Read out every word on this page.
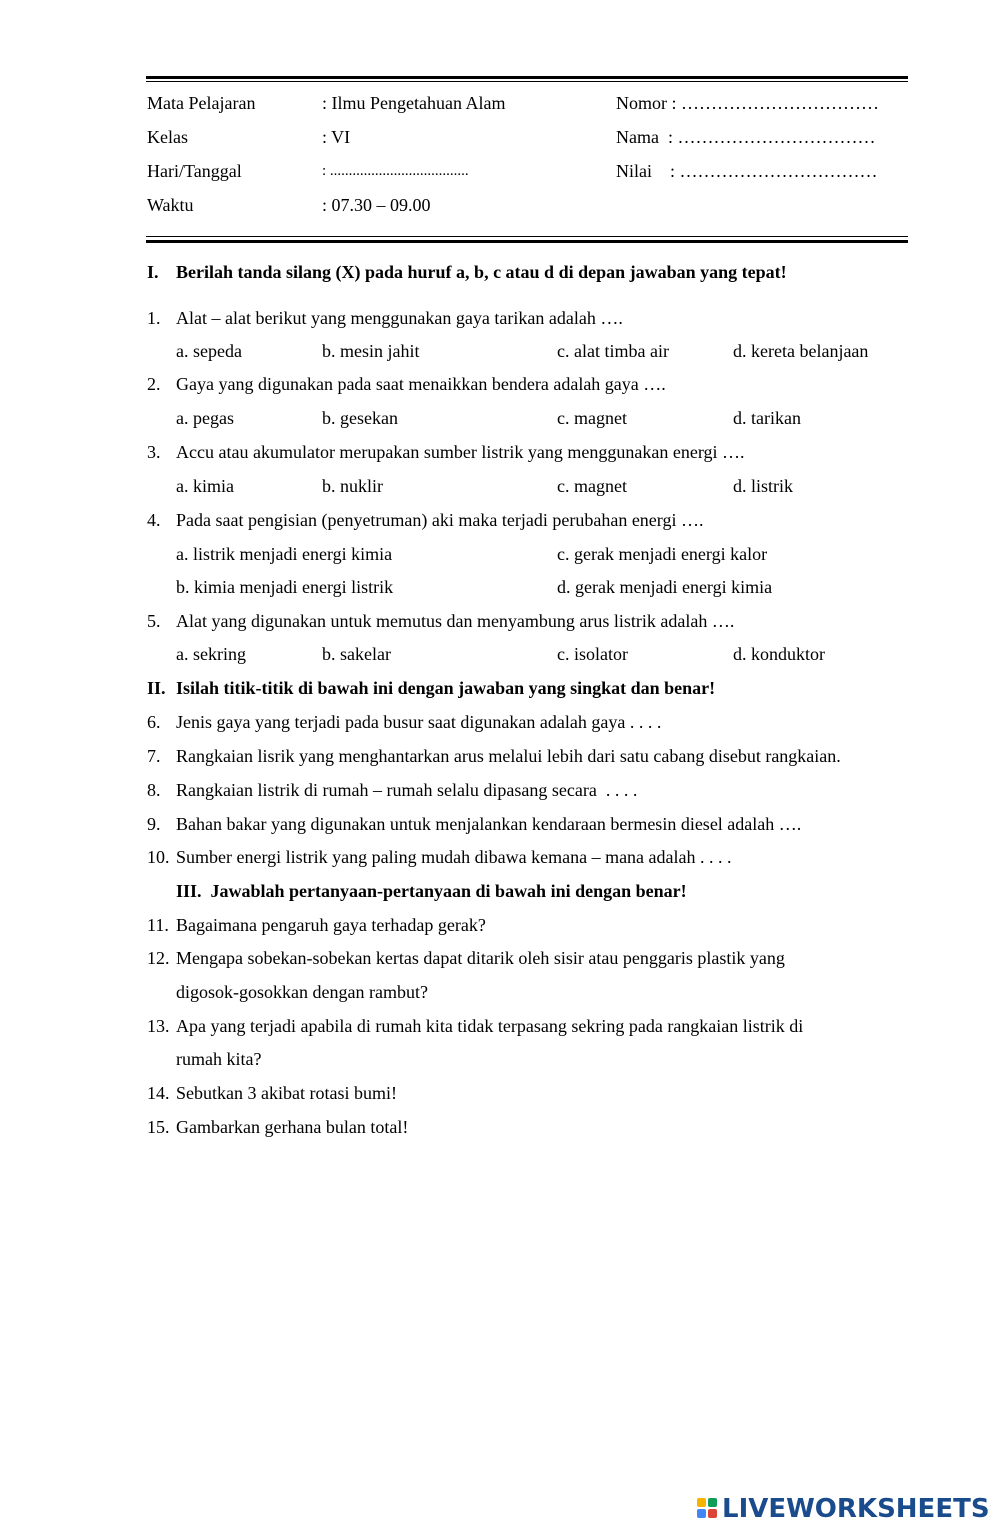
Mata Pelajaran	: Ilmu Pengetahuan Alam	Nomor : ……………………………
Kelas	: VI	Nama  : ……………………………
Hari/Tanggal	: .....................................	Nilai    : ……………………………
Waktu	: 07.30 – 09.00
I. Berilah tanda silang (X) pada huruf a, b, c atau d di depan jawaban yang tepat!
1. Alat – alat berikut yang menggunakan gaya tarikan adalah ….
a. sepeda	b. mesin jahit	c. alat timba air	d. kereta belanjaan
2. Gaya yang digunakan pada saat menaikkan bendera adalah gaya ….
a. pegas	b. gesekan	c. magnet	d. tarikan
3. Accu atau akumulator merupakan sumber listrik yang menggunakan energi ….
a. kimia	b. nuklir	c. magnet	d. listrik
4. Pada saat pengisian (penyetruman) aki maka terjadi perubahan energi ….
a. listrik menjadi energi kimia	c. gerak menjadi energi kalor
b. kimia menjadi energi listrik	d. gerak menjadi energi kimia
5. Alat yang digunakan untuk memutus dan menyambung arus listrik adalah ….
a. sekring	b. sakelar	c. isolator	d. konduktor
II. Isilah titik-titik di bawah ini dengan jawaban yang singkat dan benar!
6. Jenis gaya yang terjadi pada busur saat digunakan adalah gaya . . . .
7. Rangkaian lisrik yang menghantarkan arus melalui lebih dari satu cabang disebut rangkaian.
8. Rangkaian listrik di rumah – rumah selalu dipasang secara  . . . .
9. Bahan bakar yang digunakan untuk menjalankan kendaraan bermesin diesel adalah ….
10. Sumber energi listrik yang paling mudah dibawa kemana – mana adalah . . . .
III.  Jawablah pertanyaan-pertanyaan di bawah ini dengan benar!
11. Bagaimana pengaruh gaya terhadap gerak?
12. Mengapa sobekan-sobekan kertas dapat ditarik oleh sisir atau penggaris plastik yang
digosok-gosokkan dengan rambut?
13. Apa yang terjadi apabila di rumah kita tidak terpasang sekring pada rangkaian listrik di
rumah kita?
14. Sebutkan 3 akibat rotasi bumi!
15. Gambarkan gerhana bulan total!
LIVEWORKSHEETS
